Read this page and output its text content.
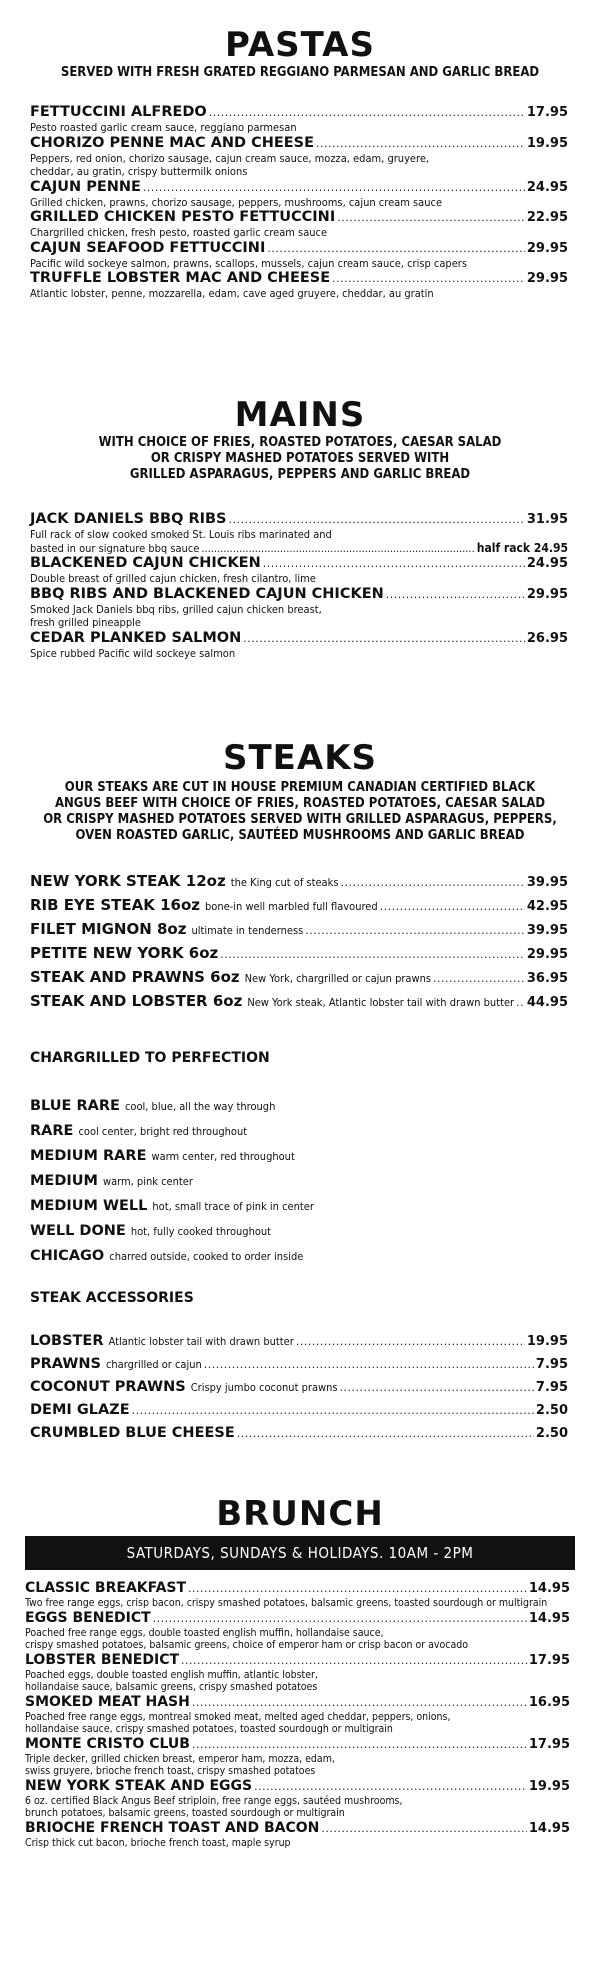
PASTAS

SERVED WITH FRESH GRATED REGGIANO PARMESAN AND GARLIC BREAD

FETTUCCINI ALFREDO .....	17.95

Pesto roasted garlic cream sauce, reggiano parmesan

CHORIZO PENNE MAC AND CHEESE .....	19.95

Peppers, red onion, chorizo sausage, cajun cream sauce, mozza, edam, gruyere,

cheddar, au gratin, crispy buttermilk onions

CAJUN PENNE .....	24.95

Grilled chicken, prawns, chorizo sausage, peppers, mushrooms, cajun cream sauce

GRILLED CHICKEN PESTO FETTUCCINI .....	22.95

Chargrilled chicken, fresh pesto, roasted garlic cream sauce

CAJUN SEAFOOD FETTUCCINI .....	29.95

Pacific wild sockeye salmon, prawns, scallops, mussels, cajun cream sauce, crisp capers

TRUFFLE LOBSTER MAC AND CHEESE .....	29.95

Atlantic lobster, penne, mozzarella, edam, cave aged gruyere, cheddar, au gratin

MAINS

WITH CHOICE OF FRIES, ROASTED POTATOES, CAESAR SALAD

OR CRISPY MASHED POTATOES SERVED WITH

GRILLED ASPARAGUS, PEPPERS AND GARLIC BREAD

JACK DANIELS BBQ RIBS .....	31.95

Full rack of slow cooked smoked St. Louis ribs marinated and

basted in our signature bbq sauce .....	half rack 24.95
BLACKENED CAJUN CHICKEN .....	24.95

Double breast of grilled cajun chicken, fresh cilantro, lime

BBQ RIBS AND BLACKENED CAJUN CHICKEN .....	29.95

Smoked Jack Daniels bbq ribs, grilled cajun chicken breast,

fresh grilled pineapple

CEDAR PLANKED SALMON .....	26.95

Spice rubbed Pacific wild sockeye salmon

STEAKS

OUR STEAKS ARE CUT IN HOUSE PREMIUM CANADIAN CERTIFIED BLACK

ANGUS BEEF WITH CHOICE OF FRIES, ROASTED POTATOES, CAESAR SALAD

OR CRISPY MASHED POTATOES SERVED WITH GRILLED ASPARAGUS, PEPPERS,

OVEN ROASTED GARLIC, SAUTÉED MUSHROOMS AND GARLIC BREAD

NEW YORK STEAK 12oz the King cut of steaks .....	39.95
RIB EYE STEAK 16oz bone-in well marbled full flavoured .....	42.95
FILET MIGNON 8oz ultimate in tenderness .....	39.95
PETITE NEW YORK 6oz .....	29.95
STEAK AND PRAWNS 6oz New York, chargrilled or cajun prawns .....	36.95
STEAK AND LOBSTER 6oz New York steak, Atlantic lobster tail with drawn butter ..... 44.95

CHARGRILLED TO PERFECTION

BLUE RARE cool, blue, all the way through
RARE cool center, bright red throughout
MEDIUM RARE warm center, red throughout
MEDIUM warm, pink center
MEDIUM WELL hot, small trace of pink in center
WELL DONE hot, fully cooked throughout
CHICAGO charred outside, cooked to order inside

STEAK ACCESSORIES

LOBSTER Atlantic lobster tail with drawn butter .....	19.95
PRAWNS chargrilled or cajun .....	7.95
COCONUT PRAWNS Crispy jumbo coconut prawns .....	7.95
DEMI GLAZE .....	2.50
CRUMBLED BLUE CHEESE .....	2.50
BRUNCH
SATURDAYS, SUNDAYS & HOLIDAYS. 10AM - 2PM
CLASSIC BREAKFAST .....	14.95

Two free range eggs, crisp bacon, crispy smashed potatoes, balsamic greens, toasted sourdough or multigrain

EGGS BENEDICT .....	14.95

Poached free range eggs, double toasted english muffin, hollandaise sauce,

crispy smashed potatoes, balsamic greens, choice of emperor ham or crisp bacon or avocado

LOBSTER BENEDICT .....	17.95

Poached eggs, double toasted english muffin, atlantic lobster,

hollandaise sauce, balsamic greens, crispy smashed potatoes

SMOKED MEAT HASH .....	16.95

Poached free range eggs, montreal smoked meat, melted aged cheddar, peppers, onions,

hollandaise sauce, crispy smashed potatoes, toasted sourdough or multigrain

MONTE CRISTO CLUB .....	17.95

Triple decker, grilled chicken breast, emperor ham, mozza, edam,

swiss gruyere, brioche french toast, crispy smashed potatoes

NEW YORK STEAK AND EGGS .....	19.95

6 oz. certified Black Angus Beef striploin, free range eggs, sautéed mushrooms,

brunch potatoes, balsamic greens, toasted sourdough or multigrain

BRIOCHE FRENCH TOAST AND BACON .....	14.95

Crisp thick cut bacon, brioche french toast, maple syrup
